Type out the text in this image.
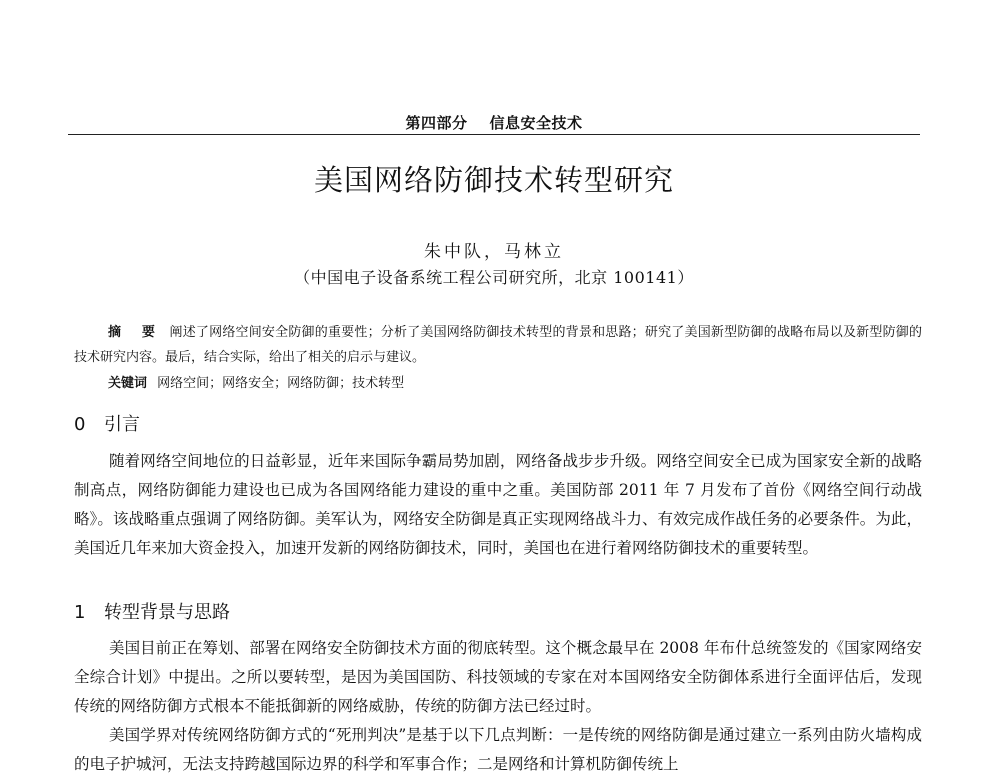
第四部分 信息安全技术
美国网络防御技术转型研究
朱中队，马林立
（中国电子设备系统工程公司研究所，北京 100141）
摘 要 阐述了网络空间安全防御的重要性；分析了美国网络防御技术转型的背景和思路；研究了美国新型防御的战略布局以及新型防御的技术研究内容。最后，结合实际，给出了相关的启示与建议。
关键词 网络空间；网络安全；网络防御；技术转型
0 引言
随着网络空间地位的日益彰显，近年来国际争霸局势加剧，网络备战步步升级。网络空间安全已成为国家安全新的战略制高点，网络防御能力建设也已成为各国网络能力建设的重中之重。美国防部 2011 年 7 月发布了首份《网络空间行动战略》。该战略重点强调了网络防御。美军认为，网络安全防御是真正实现网络战斗力、有效完成作战任务的必要条件。为此，美国近几年来加大资金投入，加速开发新的网络防御技术，同时，美国也在进行着网络防御技术的重要转型。
1 转型背景与思路
美国目前正在筹划、部署在网络安全防御技术方面的彻底转型。这个概念最早在 2008 年布什总统签发的《国家网络安全综合计划》中提出。之所以要转型，是因为美国国防、科技领域的专家在对本国网络安全防御体系进行全面评估后，发现传统的网络防御方式根本不能抵御新的网络威胁，传统的防御方法已经过时。
美国学界对传统网络防御方式的“死刑判决”是基于以下几点判断：一是传统的网络防御是通过建立一系列由防火墙构成的电子护城河，无法支持跨越国际边界的科学和军事合作；二是网络和计算机防御传统上
